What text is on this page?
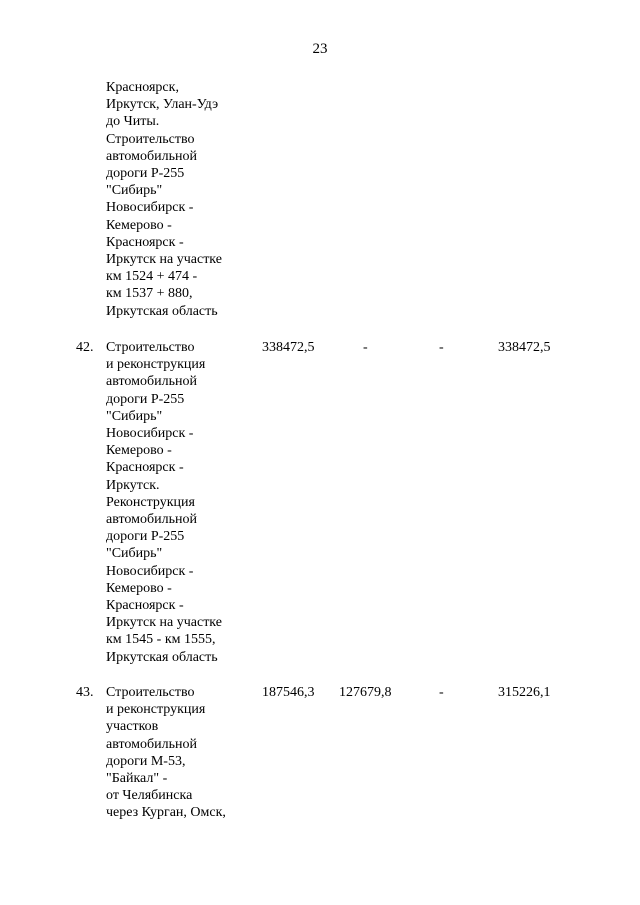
23
Красноярск,
Иркутск, Улан-Удэ
до Читы.
Строительство
автомобильной
дороги Р-255
"Сибирь"
Новосибирск -
Кемерово -
Красноярск -
Иркутск на участке
км 1524 + 474 -
км 1537 + 880,
Иркутская область
42. Строительство
и реконструкция
автомобильной
дороги Р-255
"Сибирь"
Новосибирск -
Кемерово -
Красноярск -
Иркутск.
Реконструкция
автомобильной
дороги Р-255
"Сибирь"
Новосибирск -
Кемерово -
Красноярск -
Иркутск на участке
км 1545 - км 1555,
Иркутская область
338472,5	-	-	338472,5
43. Строительство
и реконструкция
участков
автомобильной
дороги М-53,
"Байкал" -
от Челябинска
через Курган, Омск,
187546,3 127679,8	-	315226,1
